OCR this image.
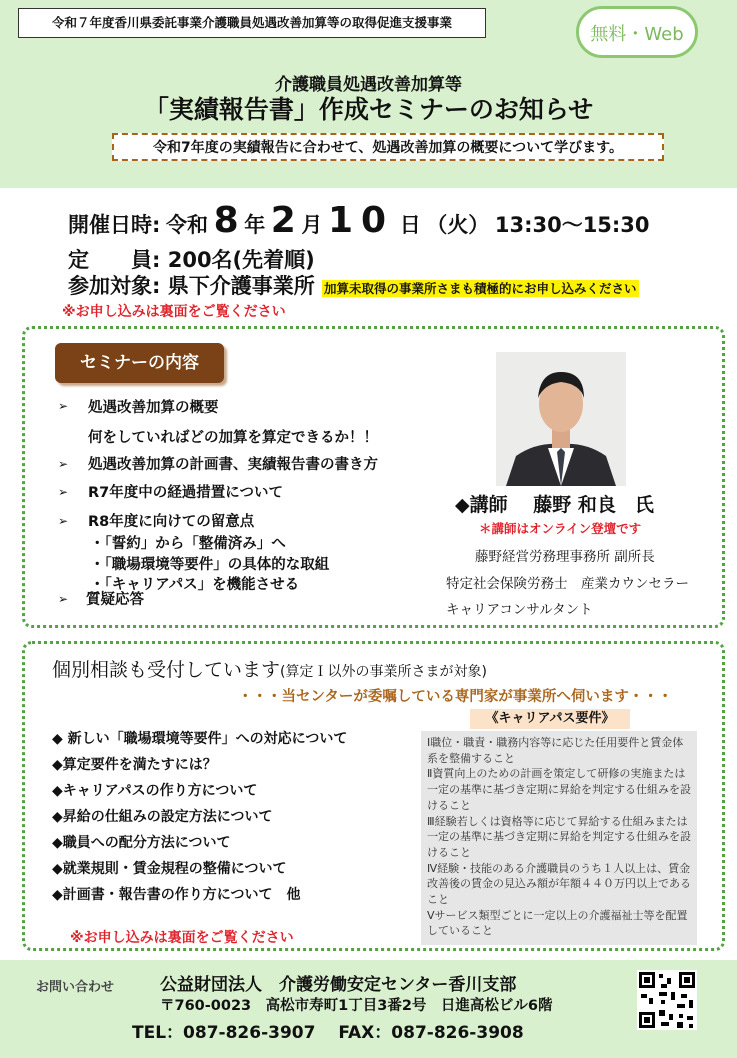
令和７年度香川県委託事業介護職員処遇改善加算等の取得促進支援事業
無料・Web
介護職員処遇改善加算等
「実績報告書」作成セミナーのお知らせ
令和7年度の実績報告に合わせて、処遇改善加算の概要について学びます。
開催日時: 令和 8 年 2 月 10 日 （火） 13:30～15:30
定　　員: 200名(先着順)
参加対象: 県下介護事業所 加算未取得の事業所さまも積極的にお申し込みください
※お申し込みは裏面をご覧ください
セミナーの内容
➢ 処遇改善加算の概要
何をしていればどの加算を算定できるか！！
➢ 処遇改善加算の計画書、実績報告書の書き方
➢ R7年度中の経過措置について
➢ R8年度に向けての留意点
・「誓約」から「整備済み」へ
・「職場環境等要件」の具体的な取組
・「キャリアパス」を機能させる
➢ 質疑応答
◆講師　 藤野 和良　氏
＊講師はオンライン登壇です
藤野経営労務理事務所 副所長
特定社会保険労務士　産業カウンセラー
キャリアコンサルタント
個別相談も受付しています(算定Ｉ以外の事業所さまが対象)
・・・当センターが委嘱している専門家が事業所へ伺います・・・
◆ 新しい「職場環境等要件」への対応について
◆算定要件を満たすには？
◆キャリアパスの作り方について
◆昇給の仕組みの設定方法について
◆職員への配分方法について
◆就業規則・賃金規程の整備について
◆計画書・報告書の作り方について　他
※お申し込みは裏面をご覧ください
《キャリアパス要件》
Ⅰ職位・職責・職務内容等に応じた任用要件と賃金体系を整備すること
Ⅱ資質向上のための計画を策定して研修の実施または一定の基準に基づき定期に昇給を判定する仕組みを設けること
Ⅲ経験若しくは資格等に応じて昇給する仕組みまたは一定の基準に基づき定期に昇給を判定する仕組みを設けること
Ⅳ経験・技能のある介護職員のうち１人以上は、賃金改善後の賃金の見込み額が年額４４０万円以上であること
Ⅴサービス類型ごとに一定以上の介護福祉士等を配置していること
お問い合わせ	公益財団法人　介護労働安定センター香川支部
〒760-0023　高松市寿町1丁目3番2号　日進高松ビル6階
TEL：087-826-3907　 FAX：087-826-3908
